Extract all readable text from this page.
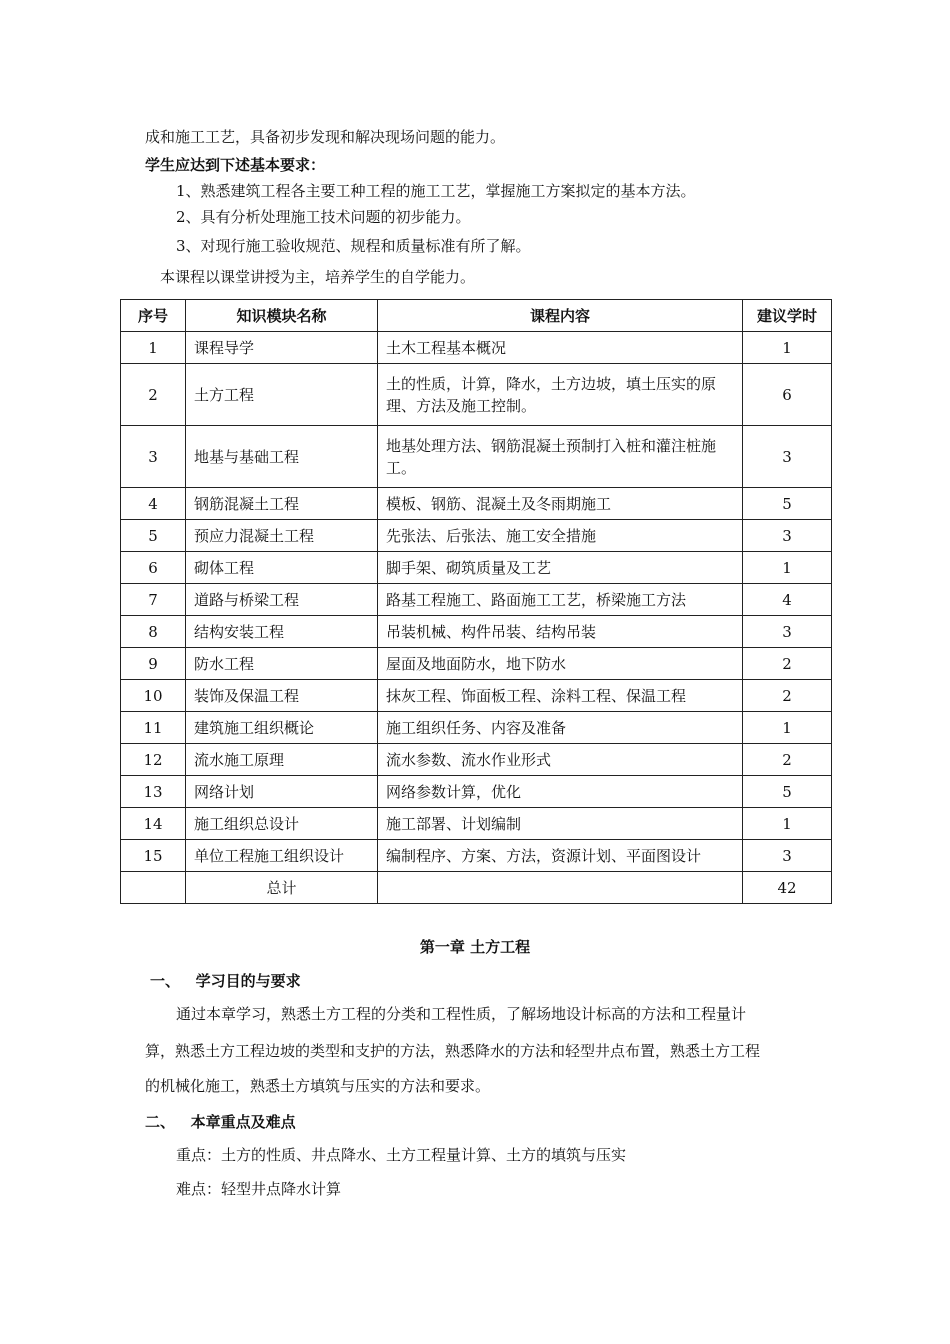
成和施工工艺，具备初步发现和解决现场问题的能力。
学生应达到下述基本要求：
1、熟悉建筑工程各主要工种工程的施工工艺，掌握施工方案拟定的基本方法。
2、具有分析处理施工技术问题的初步能力。
3、对现行施工验收规范、规程和质量标准有所了解。
本课程以课堂讲授为主，培养学生的自学能力。
序号	知识模块名称	课程内容	建议学时
1	课程导学	土木工程基本概况	1
2	土方工程	土的性质，计算，降水，土方边坡，填土压实的原理、方法及施工控制。	6
3	地基与基础工程	地基处理方法、钢筋混凝土预制打入桩和灌注桩施工。	3
4	钢筋混凝土工程	模板、钢筋、混凝土及冬雨期施工	5
5	预应力混凝土工程	先张法、后张法、施工安全措施	3
6	砌体工程	脚手架、砌筑质量及工艺	1
7	道路与桥梁工程	路基工程施工、路面施工工艺，桥梁施工方法	4
8	结构安装工程	吊装机械、构件吊装、结构吊装	3
9	防水工程	屋面及地面防水，地下防水	2
10	装饰及保温工程	抹灰工程、饰面板工程、涂料工程、保温工程	2
11	建筑施工组织概论	施工组织任务、内容及准备	1
12	流水施工原理	流水参数、流水作业形式	2
13	网络计划	网络参数计算，优化	5
14	施工组织总设计	施工部署、计划编制	1
15	单位工程施工组织设计	编制程序、方案、方法，资源计划、平面图设计	3
	总计		42
第一章 土方工程
一、   学习目的与要求
通过本章学习，熟悉土方工程的分类和工程性质，了解场地设计标高的方法和工程量计
算，熟悉土方工程边坡的类型和支护的方法，熟悉降水的方法和轻型井点布置，熟悉土方工程
的机械化施工，熟悉土方填筑与压实的方法和要求。
二、   本章重点及难点
重点：土方的性质、井点降水、土方工程量计算、土方的填筑与压实
难点：轻型井点降水计算
